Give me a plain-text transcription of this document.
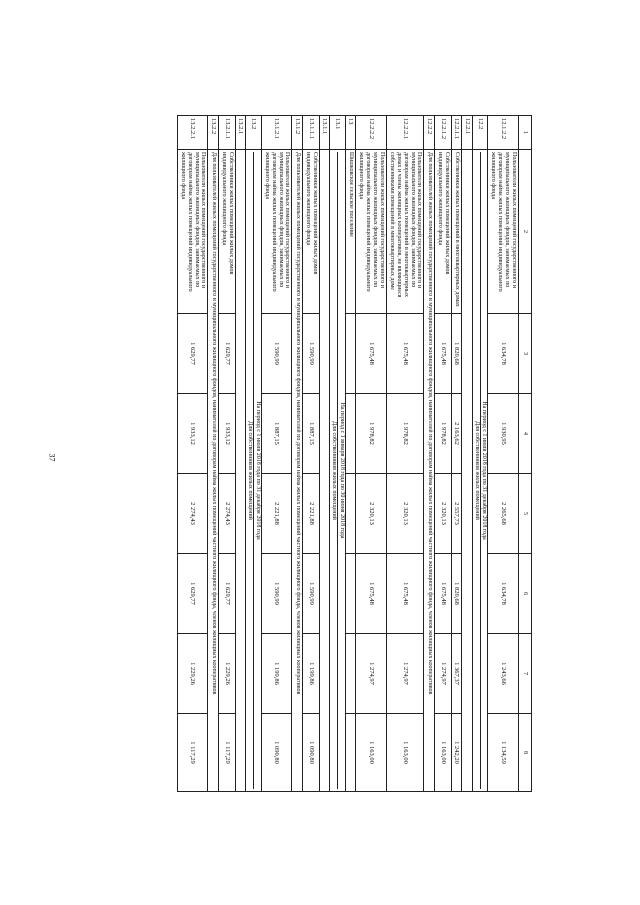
37
1	2	3	4	5	6	7	8
12.1.2.2	Пользователи жилых помещений государственного и муниципального жилищных фондов, занимаемых по договорам найма жилых помещений индивидуального жилищного фонда	1 634,78	1 930,95	2 265,68	1 634,78	1 243,66	1 134,59
12.2	На период с 1 июля 2018 года по 31 декабря 2018 года
Для собственников жилых помещений						

12.2.1							
12.2.1.1	Собственники жилых помещений в многоквартирных домах	1 820,68	2 163,62	2 557,73	1 820,68	1 367,37	1 242,20
12.2.1.2	Собственники жилых помещений жилых домов индивидуального жилищного фонда	1 675,48	1 978,82	2 320,13	1 675,48	1 274,97	1 163,00
12.2.2	Для пользователей жилых помещений государственного и муниципального жилищного фондов, нанимателей по договорам найма жилых помещений частного жилищного фонда, членов жилищных кооперативов						
12.2.2.1	Пользователи жилых помещений государственного и муниципального жилищных фондов, занимаемых по договорам найма жилых помещений в многоквартирных домах и члены жилищных кооперативов, не являющиеся собственниками помещений в многоквартирных доме	1 675,48	1 978,82	2 320,13	1 675,48	1 274,97	1 163,00
12.2.2.2	Пользователи жилых помещений государственного и муниципального жилищных фондов, занимаемых по договорам найма жилых помещений индивидуального жилищного фонда	1 675,48	1 978,82	2 320,13	1 675,48	1 274,97	1 163,00
13	Шишковское сельское поселение						
13.1	На период с 1 января 2018 года по 30 июня 2018 года
Для собственников жилых помещений						

13.1.1							
13.1.1.1	Собственники жилых помещений жилых домов индивидуального жилищного фонда	1 590,99	1 887,15	2 221,88	1 590,99	1 199,86	1 090,80
13.1.2	Для пользователей жилых помещений государственного и муниципального жилищного фондов, нанимателей по договорам найма жилых помещений частного жилищного фонда, членов жилищных кооперативов						
13.1.2.1	Пользователи жилых помещений государственного и муниципального жилищных фондов, занимаемых по договорам найма жилых помещений индивидуального жилищного фонда	1 590,99	1 887,15	2 221,88	1 590,99	1 199,86	1 090,80
13.2	На период с 1 июля 2018 года по 31 декабря 2018 года
Для собственников жилых помещений						

13.2.1							
13.2.1.1	Собственники жилых помещений жилых домов индивидуального жилищного фонда	1 629,77	1 933,12	2 274,43	1 629,77	1 229,26	1 117,29
13.2.2	Для пользователей жилых помещений государственного и муниципального жилищного фондов, нанимателей по договорам найма жилых помещений частного жилищного фонда, членов жилищных кооперативов						
13.2.2.1	Пользователи жилых помещений государственного и муниципального жилищных фондов, занимаемых по договорам найма жилых помещений индивидуального жилищного фонда	1 629,77	1 933,12	2 274,43	1 629,77	1 229,26	1 117,29
